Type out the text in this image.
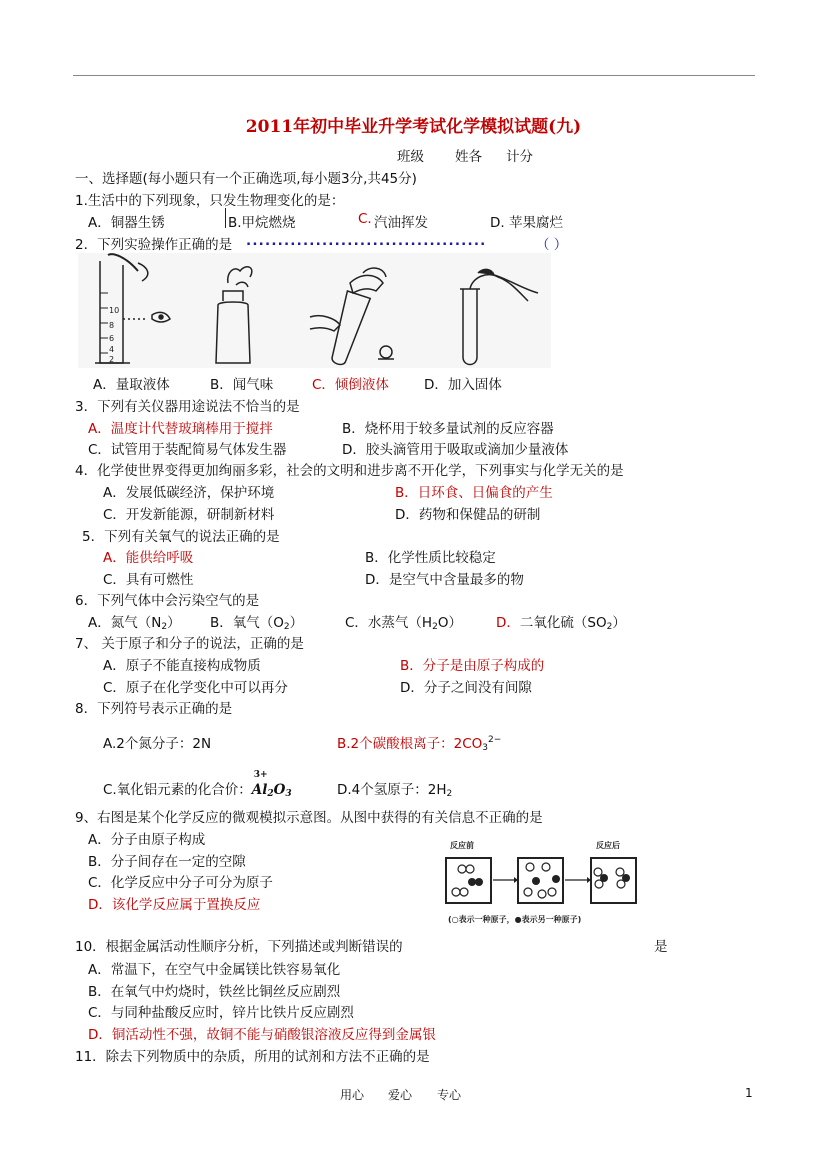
2011年初中毕业升学考试化学模拟试题(九)
班级 姓各 计分
一、选择题(每小题只有一个正确选项,每小题3分,共45分)
1.生活中的下列现象，只发生物理变化的是：
A．铜器生锈	B.甲烷燃烧	C. 汽油挥发	D. 苹果腐烂
2．下列实验操作正确的是 ......................................	（ ）
10
8
6
4
2
A．量取液体	B．闻气味	C．倾倒液体	D．加入固体
3．下列有关仪器用途说法不恰当的是
A．温度计代替玻璃棒用于搅拌	B．烧杯用于较多量试剂的反应容器
C．试管用于装配简易气体发生器	D．胶头滴管用于吸取或滴加少量液体
4．化学使世界变得更加绚丽多彩，社会的文明和进步离不开化学，下列事实与化学无关的是
A．发展低碳经济，保护环境	B．日环食、日偏食的产生
C．开发新能源，研制新材料	D．药物和保健品的研制
5．下列有关氧气的说法正确的是
A．能供给呼吸	B．化学性质比较稳定
C．具有可燃性	D．是空气中含量最多的物
6．下列气体中会污染空气的是
A．氮气$(N_2)$ B．氧气$(O_2)$	C．水蒸气$(H_2O)$	D．二氧化硫$(SO_2)$
7、 关于原子和分子的说法，正确的是
A．原子不能直接构成物质	B．分子是由原子构成的
C．原子在化学变化中可以再分	D．分子之间没有间隙
8．下列符号表示正确的是
A.2个氮分子：2N	B.2个碳酸根离子：$2CO_3^{2-}$
C.氧化铝元素的化合价：
3+
$Al_2O_3$	D.4个氢原子：$2H_2$
9、右图是某个化学反应的微观模拟示意图。从图中获得的有关信息不正确的是
A．分子由原子构成
B．分子间存在一定的空隙
C．化学反应中分子可分为原子
D．该化学反应属于置换反应
反应前	反应后
(○表示一种原子，●表示另一种原子)
10．根据金属活动性顺序分析，下列描述或判断错误的	是
A．常温下，在空气中金属镁比铁容易氧化
B．在氧气中灼烧时，铁丝比铜丝反应剧烈
C．与同种盐酸反应时，锌片比铁片反应剧烈
D．铜活动性不强，故铜不能与硝酸银溶液反应得到金属银
11．除去下列物质中的杂质，所用的试剂和方法不正确的是
用心 爱心 专心	1
